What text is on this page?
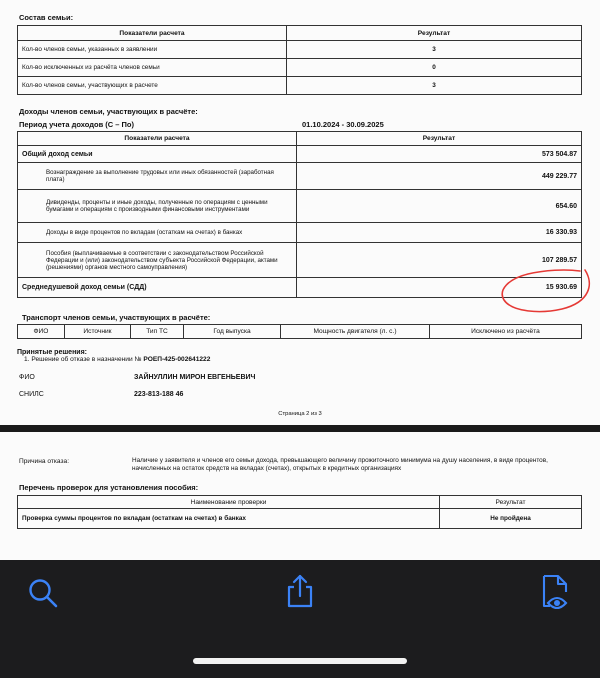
Состав семьи:
Показатели расчета	Результат
Кол-во членов семьи, указанных в заявлении	3
Кол-во исключенных из расчёта членов семьи	0
Кол-во членов семьи, участвующих в расчете	3
Доходы членов семьи, участвующих в расчёте:
Период учета доходов (С – По)	01.10.2024 - 30.09.2025
Показатели расчета	Результат
Общий доход семьи	573 504.87
Вознаграждение за выполнение трудовых или иных обязанностей (заработная плата)	449 229.77
Дивиденды, проценты и иные доходы, полученные по операциям с ценными бумагами и операциям с производными финансовыми инструментами	654.60
Доходы в виде процентов по вкладам (остаткам на счетах) в банках	16 330.93
Пособия (выплачиваемые в соответствии с законодательством Российской Федерации и (или) законодательством субъекта Российской Федерации, актами (решениями) органов местного самоуправления)	107 289.57
Среднедушевой доход семьи (СДД)	15 930.69
Транспорт членов семьи, участвующих в расчёте:
ФИО	Источник	Тип ТС	Год выпуска	Мощность двигателя (л. с.)	Исключено из расчёта
Принятые решения:
1. Решение об отказе в назначении № РОЕП-425-002641222
ФИО	ЗАЙНУЛЛИН МИРОН ЕВГЕНЬЕВИЧ
СНИЛС	223-813-188 46
Страница 2 из 3
Причина отказа:	Наличие у заявителя и членов его семьи дохода, превышающего величину прожиточного минимума на душу населения, в виде процентов, начисленных на остаток средств на вкладах (счетах), открытых в кредитных организациях
Перечень проверок для установления пособия:
Наименование проверки	Результат
Проверка суммы процентов по вкладам (остаткам на счетах) в банках	Не пройдена
